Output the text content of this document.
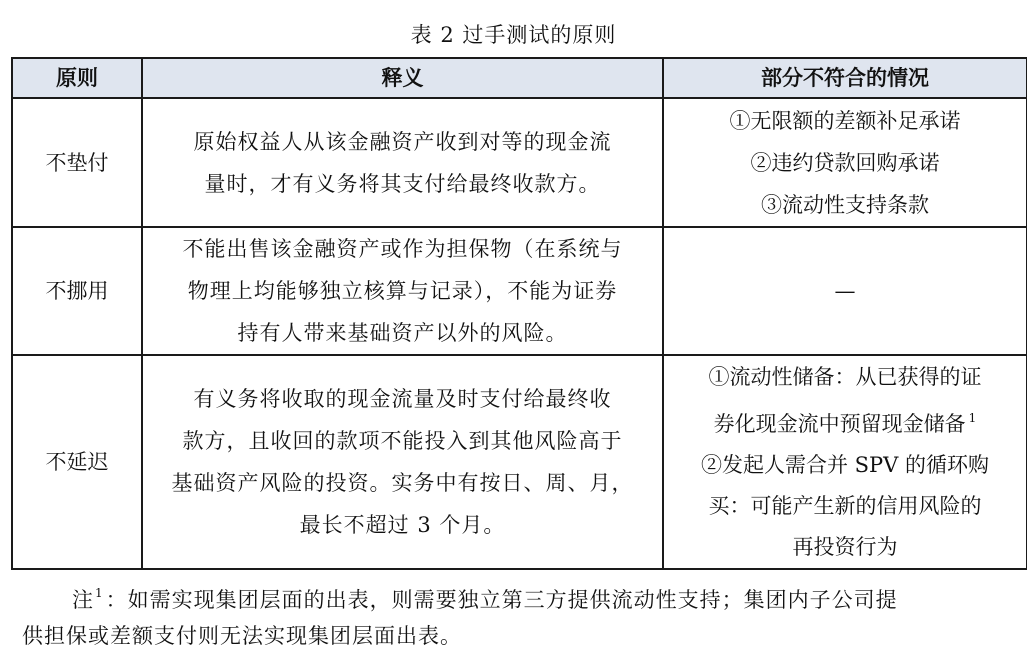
表 2 过手测试的原则
原则	释义	部分不符合的情况
不垫付	原始权益人从该金融资产收到对等的现金流
量时，才有义务将其支付给最终收款方。	①无限额的差额补足承诺
②违约贷款回购承诺
③流动性支持条款

不挪用	不能出售该金融资产或作为担保物（在系统与
物理上均能够独立核算与记录），不能为证券
持有人带来基础资产以外的风险。	—

不延迟	有义务将收取的现金流量及时支付给最终收
款方，且收回的款项不能投入到其他风险高于
基础资产风险的投资。实务中有按日、周、月，
最长不超过 3 个月。	①流动性储备：从已获得的证
券化现金流中预留现金储备 $^1$
②发起人需合并 SPV 的循环购
买：可能产生新的信用风险的
再投资行为
注$^1$：如需实现集团层面的出表，则需要独立第三方提供流动性支持；集团内子公司提
供担保或差额支付则无法实现集团层面出表。
